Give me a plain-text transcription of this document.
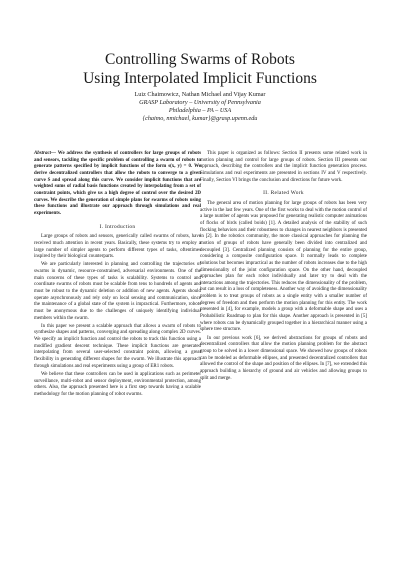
Controlling Swarms of Robots
Using Interpolated Implicit Functions
Luiz Chaimowicz, Nathan Michael and Vijay Kumar
GRASP Laboratory – University of Pennsylvania
Philadelphia – PA – USA
{chaimo, nmichael, kumar}@grasp.upenn.edu

Abstract— We address the synthesis of controllers for large groups of robots and sensors, tackling the specific problem of controlling a swarm of robots to generate patterns specified by implicit functions of the form s(x, y) = 0. We derive decentralized controllers that allow the robots to converge to a given curve S and spread along this curve. We consider implicit functions that are weighted sums of radial basis functions created by interpolating from a set of constraint points, which give us a high degree of control over the desired 2D curves. We describe the generation of simple plans for swarms of robots using these functions and illustrate our approach through simulations and real experiments.

I. Introduction

Large groups of robots and sensors, generically called swarms of robots, have received much attention in recent years. Basically, these systems try to employ a large number of simpler agents to perform different types of tasks, oftentimes inspired by their biological counterparts.

We are particularly interested in planning and controlling the trajectories of swarms in dynamic, resource-constrained, adversarial environments. One of the main concerns of these types of tasks is scalability. Systems to control and coordinate swarms of robots must be scalable from tens to hundreds of agents and must be robust to the dynamic deletion or addition of new agents. Agents should operate asynchronously and rely only on local sensing and communication, since the maintenance of a global state of the system is impractical. Furthermore, robots must be anonymous due to the challenges of uniquely identifying individual members within the swarm.

In this paper we present a scalable approach that allows a swarm of robots to synthesize shapes and patterns, converging and spreading along complex 2D curves. We specify an implicit function and control the robots to track this function using a modified gradient descent technique. These implicit functions are generated interpolating from several user-selected constraint points, allowing a great flexibility in generating different shapes for the swarm. We illustrate this approach through simulations and real experiments using a group of ER1 robots.

We believe that these controllers can be used in applications such as perimeter surveillance, multi-robot and sensor deployment, environmental protection, among others. Also, the approach presented here is a first step towards having a scalable methodology for the motion planning of robot swarms.

This paper is organized as follows: Section II presents some related work in motion planning and control for large groups of robots. Section III presents our approach, describing the controllers and the implicit function generation process. Simulations and real experiments are presented in sections IV and V respectively. Finally, Section VI brings the conclusion and directions for future work.

II. Related Work

The general area of motion planning for large groups of robots has been very active in the last few years. One of the first works to deal with the motion control of a large number of agents was proposed for generating realistic computer animations of flocks of birds (called boids) [1]. A detailed analysis of the stability of such flocking behaviors and their robustness to changes in nearest neighbors is presented in [2]. In the robotics community, the more classical approaches for planning the motion of groups of robots have generally been divided into centralized and decoupled [3]. Centralized planning consists of planning for the entire group, considering a composite configuration space. It normally leads to complete solutions but becomes impractical as the number of robots increases due to the high dimensionality of the joint configuration space. On the other hand, decoupled approaches plan for each robot individually and later try to deal with the interactions among the trajectories. This reduces the dimensionality of the problem, but can result in a loss of completeness. Another way of avoiding the dimensionality problem is to treat groups of robots as a single entity with a smaller number of degrees of freedom and then perform the motion planning for this entity. The work presented in [4], for example, models a group with a deformable shape and uses a Probabilistic Roadmap to plan for this shape. Another approach is presented in [5] where robots can be dynamically grouped together in a hierarchical manner using a sphere tree structure.

In our previous work [6], we derived abstractions for groups of robots and decentralized controllers that allow the motion planning problem for the abstract group to be solved in a lower dimensional space. We showed how groups of robots can be modeled as deformable ellipses, and presented decentralized controllers that allowed the control of the shape and position of the ellipses. In [7], we extended this approach building a hierarchy of ground and air vehicles and allowing groups to split and merge.
